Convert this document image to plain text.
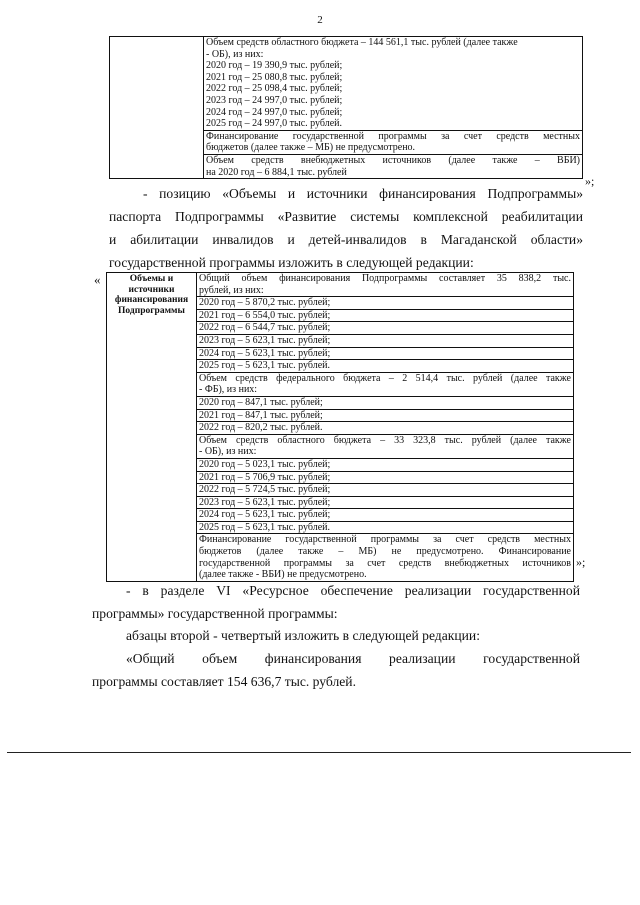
2

Объем средств областного бюджета – 144 561,1 тыс. рублей (далее также
- ОБ), из них:
2020 год – 19 390,9 тыс. рублей;
2021 год – 25 080,8 тыс. рублей;
2022 год – 25 098,4 тыс. рублей;
2023 год – 24 997,0 тыс. рублей;
2024 год – 24 997,0 тыс. рублей;
2025 год – 24 997,0 тыс. рублей.
Финансирование государственной программы за счет средств местных
бюджетов (далее также – МБ) не предусмотрено.
Объем средств внебюджетных источников (далее также – ВБИ)
на 2020 год – 6 884,1 тыс. рублей
»;
- позицию «Объемы и источники финансирования Подпрограммы»
паспорта Подпрограммы «Развитие системы комплексной реабилитации
и абилитации инвалидов и детей-инвалидов в Магаданской области»
государственной программы изложить в следующей редакции:
«	Объемы и
источники
финансирования
Подпрограммы

Общий объем финансирования Подпрограммы составляет 35 838,2 тыс.
рублей, из них:
2020 год – 5 870,2 тыс. рублей;
2021 год – 6 554,0 тыс. рублей;
2022 год – 6 544,7 тыс. рублей;
2023 год – 5 623,1 тыс. рублей;
2024 год – 5 623,1 тыс. рублей;
2025 год – 5 623,1 тыс. рублей.
Объем средств федерального бюджета – 2 514,4 тыс. рублей (далее также
- ФБ), из них:
2020 год – 847,1 тыс. рублей;
2021 год – 847,1 тыс. рублей;
2022 год – 820,2 тыс. рублей.
Объем средств областного бюджета – 33 323,8 тыс. рублей (далее также
- ОБ), из них:
2020 год – 5 023,1 тыс. рублей;
2021 год – 5 706,9 тыс. рублей;
2022 год – 5 724,5 тыс. рублей;
2023 год – 5 623,1 тыс. рублей;
2024 год – 5 623,1 тыс. рублей;
2025 год – 5 623,1 тыс. рублей.
Финансирование государственной программы за счет средств местных
бюджетов (далее также – МБ) не предусмотрено. Финансирование
государственной программы за счет средств внебюджетных источников
(далее также - ВБИ) не предусмотрено.
»;
- в разделе VI «Ресурсное обеспечение реализации государственной
программы» государственной программы:
абзацы второй - четвертый изложить в следующей редакции:
«Общий объем финансирования реализации государственной
программы составляет 154 636,7 тыс. рублей.
